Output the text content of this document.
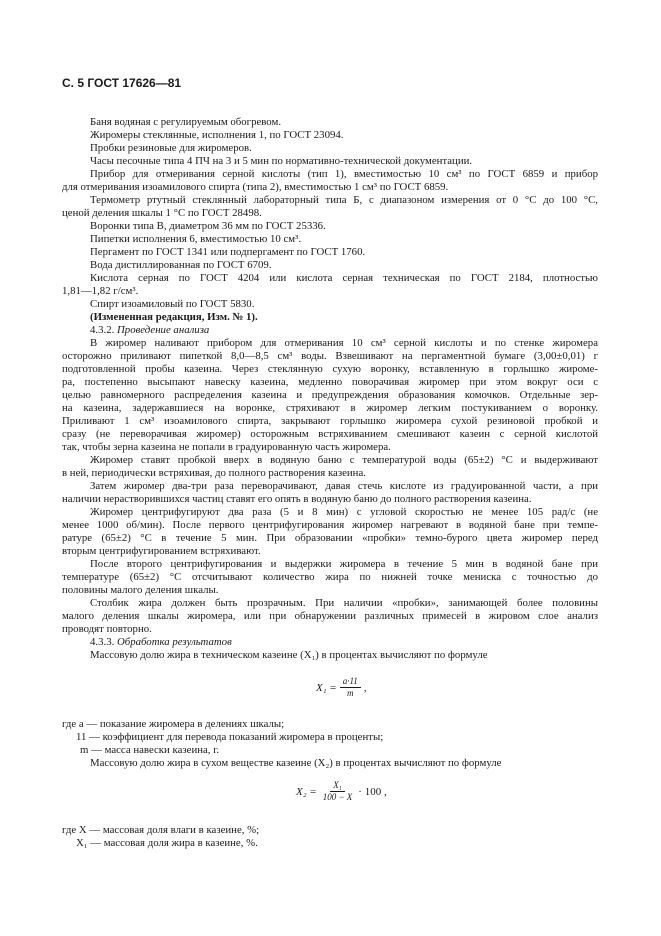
С. 5 ГОСТ 17626—81
Баня водяная с регулируемым обогревом.
Жиромеры стеклянные, исполнения 1, по ГОСТ 23094.
Пробки резиновые для жиромеров.
Часы песочные типа 4 ПЧ на 3 и 5 мин по нормативно-технической документации.
Прибор для отмеривания серной кислоты (тип 1), вместимостью 10 см³ по ГОСТ 6859 и прибор
для отмеривания изоамилового спирта (типа 2), вместимостью 1 см³ по ГОСТ 6859.
Термометр ртутный стеклянный лабораторный типа Б, с диапазоном измерения от 0 °С до 100 °С,
ценой деления шкалы 1 °С по ГОСТ 28498.
Воронки типа В, диаметром 36 мм по ГОСТ 25336.
Пипетки исполнения 6, вместимостью 10 см³.
Пергамент по ГОСТ 1341 или подпергамент по ГОСТ 1760.
Вода дистиллированная по ГОСТ 6709.
Кислота серная по ГОСТ 4204 или кислота серная техническая по ГОСТ 2184, плотностью
1,81—1,82 г/см³.
Спирт изоамиловый по ГОСТ 5830.
(Измененная редакция, Изм. № 1).
4.3.2. Проведение анализа
В жиромер наливают прибором для отмеривания 10 см³ серной кислоты и по стенке жиромера
осторожно приливают пипеткой 8,0—8,5 см³ воды. Взвешивают на пергаментной бумаге (3,00±0,01) г
подготовленной пробы казеина. Через стеклянную сухую воронку, вставленную в горлышко жироме-
ра, постепенно высыпают навеску казеина, медленно поворачивая жиромер при этом вокруг оси с
целью равномерного распределения казеина и предупреждения образования комочков. Отдельные зер-
на казеина, задержавшиеся на воронке, стряхивают в жиромер легким постукиванием о воронку.
Приливают 1 см³ изоамилового спирта, закрывают горлышко жиромера сухой резиновой пробкой и
сразу (не переворачивая жиромер) осторожным встряхиванием смешивают казеин с серной кислотой
так, чтобы зерна казеина не попали в градуированную часть жиромера.
Жиромер ставят пробкой вверх в водяную баню с температурой воды (65±2) °С и выдерживают
в ней, периодически встряхивая, до полного растворения казеина.
Затем жиромер два-три раза переворачивают, давая стечь кислоте из градуированной части, а при
наличии нерастворившихся частиц ставят его опять в водяную баню до полного растворения казеина.
Жиромер центрифугируют два раза (5 и 8 мин) с угловой скоростью не менее 105 рад/с (не
менее 1000 об/мин). После первого центрифугирования жиромер нагревают в водяной бане при темпе-
ратуре (65±2) °С в течение 5 мин. При образовании «пробки» темно-бурого цвета жиромер перед
вторым центрифугированием встряхивают.
После второго центрифугирования и выдержки жиромера в течение 5 мин в водяной бане при
температуре (65±2) °С отсчитывают количество жира по нижней точке мениска с точностью до
половины малого деления шкалы.
Столбик жира должен быть прозрачным. При наличии «пробки», занимающей более половины
малого деления шкалы жиромера, или при обнаружении различных примесей в жировом слое анализ
проводят повторно.
4.3.3. Обработка результатов
Массовую долю жира в техническом казеине (X₁) в процентах вычисляют по формуле
$X_1 = \frac{a\cdot 11}{m}$ ,
где a — показание жиромера в делениях шкалы;
11 — коэффициент для перевода показаний жиромера в проценты;
m — масса навески казеина, г.
Массовую долю жира в сухом веществе казеине (X₂) в процентах вычисляют по формуле
$X_2 = \frac{\text{X₁}}{100 - X} \cdot 100$ ,
где X — массовая доля влаги в казеине, %;
X₁ — массовая доля жира в казеине, %.
